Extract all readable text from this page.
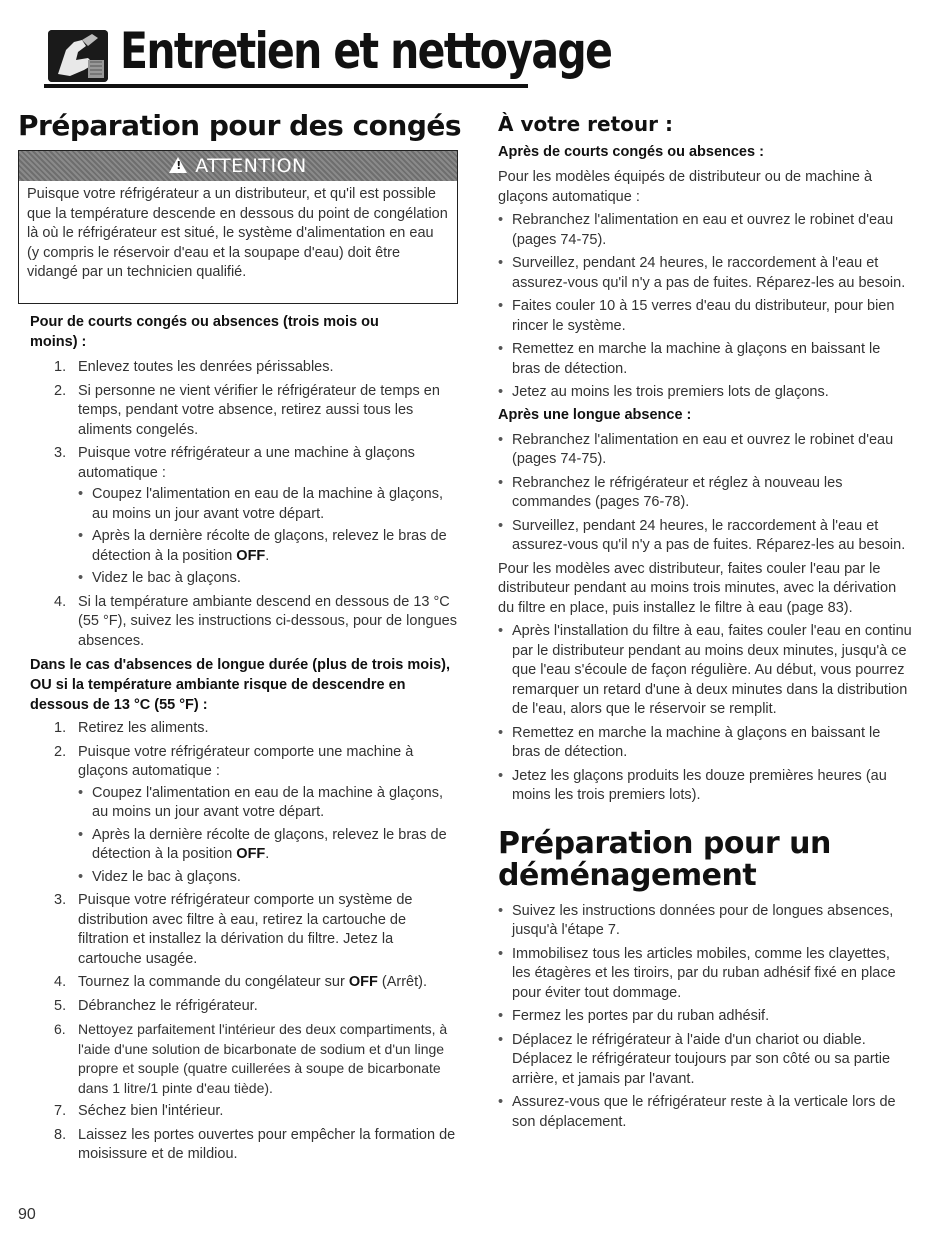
Entretien et nettoyage
Préparation pour des congés
!
ATTENTION
Puisque votre réfrigérateur a un distributeur, et qu'il est possible que la température descende en dessous du point de congélation là où le réfrigérateur est situé, le système d'alimentation en eau (y compris le réservoir d'eau et la soupape d'eau) doit être vidangé par un technicien qualifié.
Pour de courts congés ou absences (trois mois ou moins) :
1. Enlevez toutes les denrées périssables.
2. Si personne ne vient vérifier le réfrigérateur de temps en temps, pendant votre absence, retirez aussi tous les aliments congelés.
3. Puisque votre réfrigérateur a une machine à glaçons automatique :
• Coupez l'alimentation en eau de la machine à glaçons, au moins un jour avant votre départ.
• Après la dernière récolte de glaçons, relevez le bras de détection à la position OFF.
• Videz le bac à glaçons.
4. Si la température ambiante descend en dessous de 13 °C (55 °F), suivez les instructions ci-dessous, pour de longues absences.
Dans le cas d'absences de longue durée (plus de trois mois), OU si la température ambiante risque de descendre en dessous de 13 °C (55 °F) :
1. Retirez les aliments.
2. Puisque votre réfrigérateur comporte une machine à glaçons automatique :
• Coupez l'alimentation en eau de la machine à glaçons, au moins un jour avant votre départ.
• Après la dernière récolte de glaçons, relevez le bras de détection à la position OFF.
• Videz le bac à glaçons.
3. Puisque votre réfrigérateur comporte un système de distribution avec filtre à eau, retirez la cartouche de filtration et installez la dérivation du filtre. Jetez la cartouche usagée.
4. Tournez la commande du congélateur sur OFF (Arrêt).
5. Débranchez le réfrigérateur.
6. Nettoyez parfaitement l'intérieur des deux compartiments, à l'aide d'une solution de bicarbonate de sodium et d'un linge propre et souple (quatre cuillerées à soupe de bicarbonate dans 1 litre/1 pinte d'eau tiède).
7. Séchez bien l'intérieur.
8. Laissez les portes ouvertes pour empêcher la formation de moisissure et de mildiou.
À votre retour :
Après de courts congés ou absences :

Pour les modèles équipés de distributeur ou de machine à glaçons automatique :

• Rebranchez l'alimentation en eau et ouvrez le robinet d'eau (pages 74-75).
• Surveillez, pendant 24 heures, le raccordement à l'eau et assurez-vous qu'il n'y a pas de fuites. Réparez-les au besoin.
• Faites couler 10 à 15 verres d'eau du distributeur, pour bien rincer le système.
• Remettez en marche la machine à glaçons en baissant le bras de détection.
• Jetez au moins les trois premiers lots de glaçons.
Après une longue absence :
• Rebranchez l'alimentation en eau et ouvrez le robinet d'eau (pages 74-75).
• Rebranchez le réfrigérateur et réglez à nouveau les commandes (pages 76-78).
• Surveillez, pendant 24 heures, le raccordement à l'eau et assurez-vous qu'il n'y a pas de fuites. Réparez-les au besoin.

Pour les modèles avec distributeur, faites couler l'eau par le distributeur pendant au moins trois minutes, avec la dérivation du filtre en place, puis installez le filtre à eau (page 83).

• Après l'installation du filtre à eau, faites couler l'eau en continu par le distributeur pendant au moins deux minutes, jusqu'à ce que l'eau s'écoule de façon régulière. Au début, vous pourrez remarquer un retard d'une à deux minutes dans la distribution de l'eau, alors que le réservoir se remplit.
• Remettez en marche la machine à glaçons en baissant le bras de détection.
• Jetez les glaçons produits les douze premières heures (au moins les trois premiers lots).
Préparation pour un
déménagement
• Suivez les instructions données pour de longues absences, jusqu'à l'étape 7.
• Immobilisez tous les articles mobiles, comme les clayettes, les étagères et les tiroirs, par du ruban adhésif fixé en place pour éviter tout dommage.
• Fermez les portes par du ruban adhésif.
• Déplacez le réfrigérateur à l'aide d'un chariot ou diable. Déplacez le réfrigérateur toujours par son côté ou sa partie arrière, et jamais par l'avant.
• Assurez-vous que le réfrigérateur reste à la verticale lors de son déplacement.
90
